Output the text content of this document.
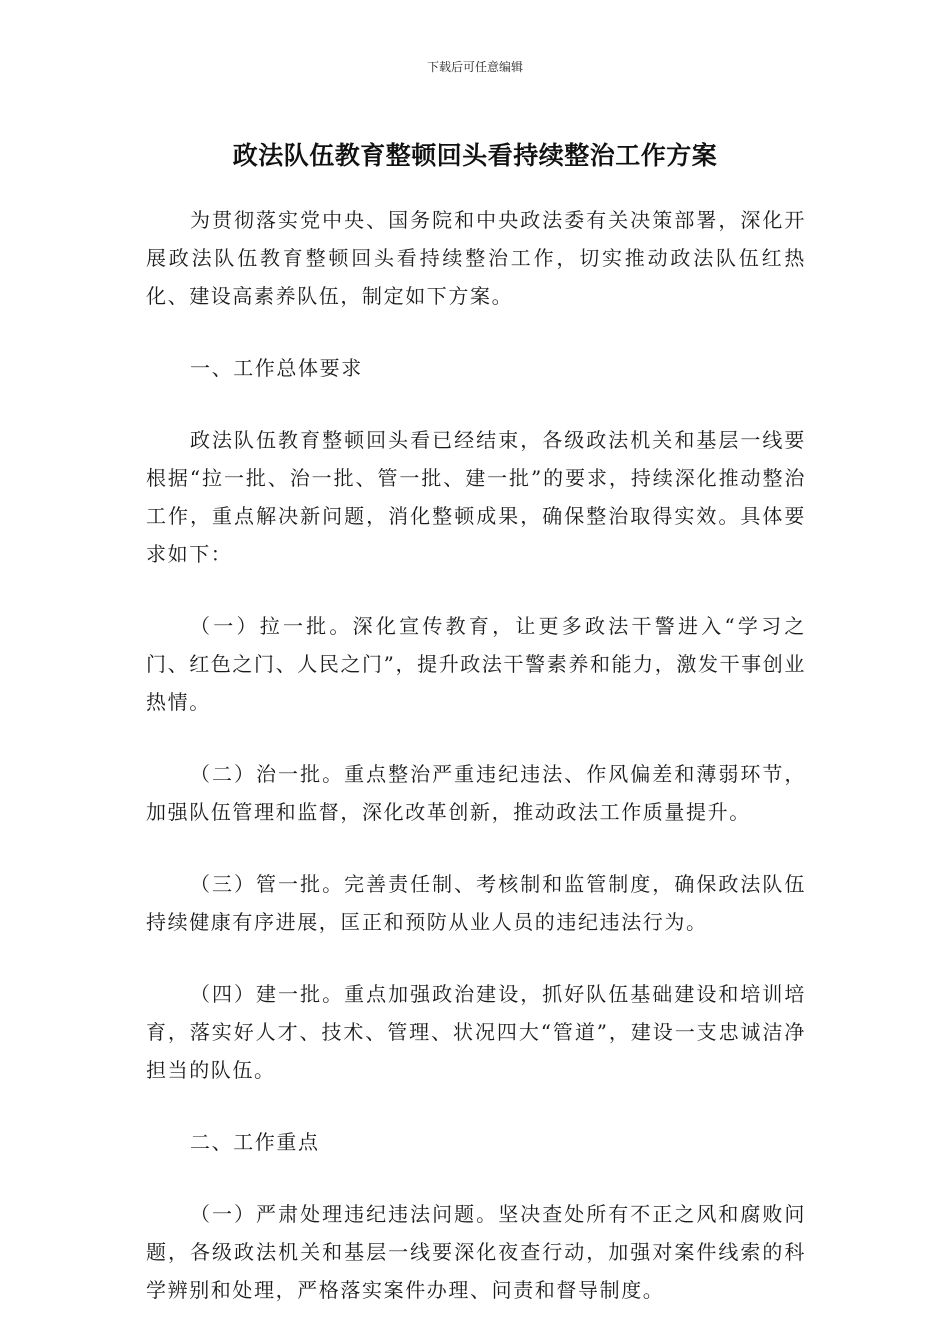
下载后可任意编辑
政法队伍教育整顿回头看持续整治工作方案

为贯彻落实党中央、国务院和中央政法委有关决策部署，深化开展政法队伍教育整顿回头看持续整治工作，切实推动政法队伍红热化、建设高素养队伍，制定如下方案。

一、工作总体要求

政法队伍教育整顿回头看已经结束，各级政法机关和基层一线要根据“拉一批、治一批、管一批、建一批”的要求，持续深化推动整治工作，重点解决新问题，消化整顿成果，确保整治取得实效。具体要求如下：

（一）拉一批。深化宣传教育，让更多政法干警进入“学习之门、红色之门、人民之门”，提升政法干警素养和能力，激发干事创业热情。

（二）治一批。重点整治严重违纪违法、作风偏差和薄弱环节，加强队伍管理和监督，深化改革创新，推动政法工作质量提升。

（三）管一批。完善责任制、考核制和监管制度，确保政法队伍持续健康有序进展，匡正和预防从业人员的违纪违法行为。

（四）建一批。重点加强政治建设，抓好队伍基础建设和培训培育，落实好人才、技术、管理、状况四大“管道”，建设一支忠诚洁净担当的队伍。

二、工作重点

（一）严肃处理违纪违法问题。坚决查处所有不正之风和腐败问题，各级政法机关和基层一线要深化夜查行动，加强对案件线索的科学辨别和处理，严格落实案件办理、问责和督导制度。
